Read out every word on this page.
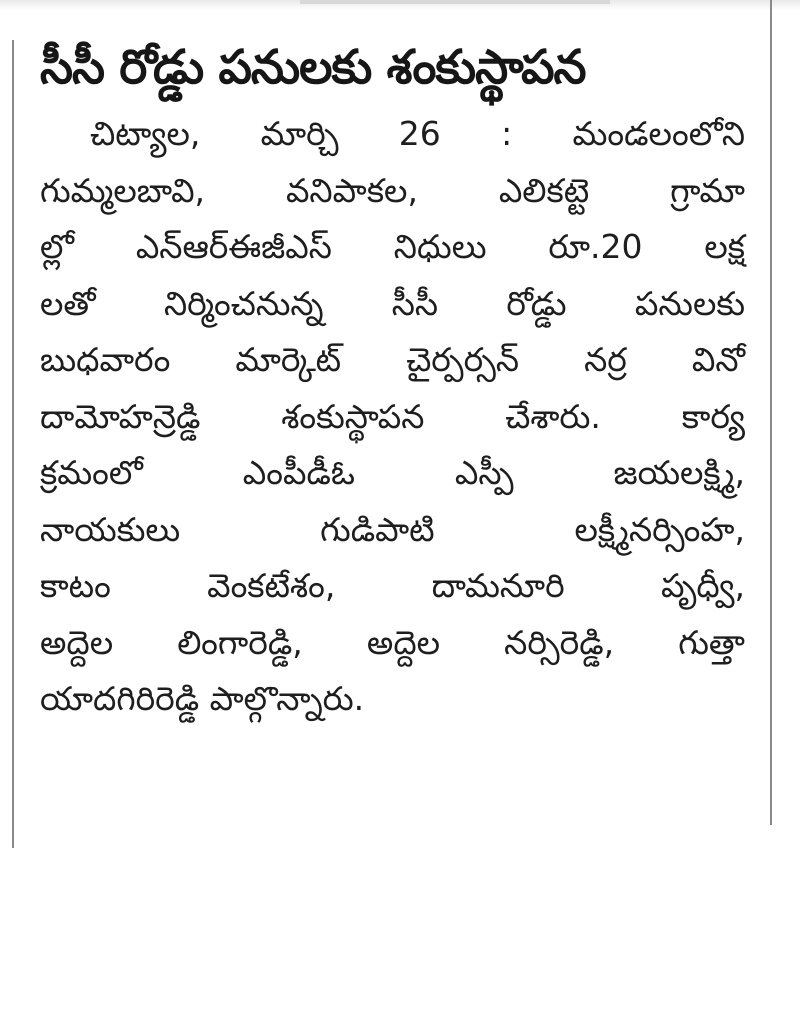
సీసీ రోడ్డు పనులకు శంకుస్థాపన

చిట్యాల, మార్చి 26 : మండలంలోని

గుమ్మలబావి, వనిపాకల, ఎలికట్టె గ్రామా

ల్లో ఎన్ఆర్ఈజీఎస్ నిధులు రూ.20 లక్ష

లతో నిర్మించనున్న సీసీ రోడ్డు పనులకు

బుధవారం మార్కెట్ చైర్పర్సన్ నర్ర వినో

దామోహన్రెడ్డి శంకుస్థాపన చేశారు. కార్య

క్రమంలో ఎంపీడీఓ ఎస్పీ జయలక్ష్మి,

నాయకులు గుడిపాటి లక్ష్మీనర్సింహ,

కాటం వెంకటేశం, దామనూరి పృధ్వీ,

అద్దెల లింగారెడ్డి, అద్దెల నర్సిరెడ్డి, గుత్తా

యాదగిరిరెడ్డి పాల్గొన్నారు.
